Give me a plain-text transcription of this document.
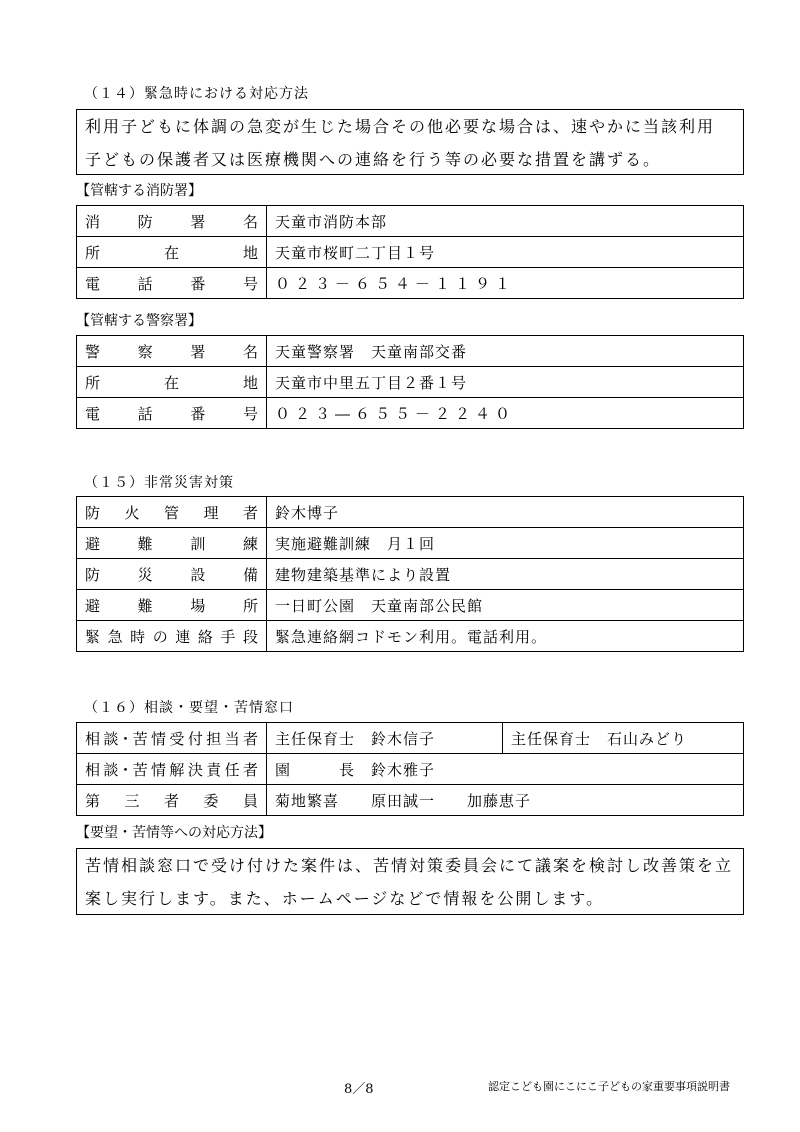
（１４）緊急時における対応方法
利用子どもに体調の急変が生じた場合その他必要な場合は、速やかに当該利用
子どもの保護者又は医療機関への連絡を行う等の必要な措置を講ずる。
【管轄する消防署】
消防署名	天童市消防本部
所在地	天童市桜町二丁目１号
電話番号	０２３－６５４－１１９１
【管轄する警察署】
警察署名	天童警察署　天童南部交番
所在地	天童市中里五丁目２番１号
電話番号	０２３―６５５－２２４０
（１５）非常災害対策
防火管理者	鈴木博子
避難訓練	実施避難訓練　月１回
防災設備	建物建築基準により設置
避難場所	一日町公園　天童南部公民館
緊急時の連絡手段	緊急連絡網コドモン利用。電話利用。
（１６）相談・要望・苦情窓口
相談･苦情受付担当者	主任保育士　鈴木信子	主任保育士　石山みどり
相談･苦情解決責任者	園　　　長　鈴木雅子	
第三者委員	菊地繁喜　　原田誠一　　加藤恵子	
【要望・苦情等への対応方法】
苦情相談窓口で受け付けた案件は、苦情対策委員会にて議案を検討し改善策を立
案し実行します。また、ホームページなどで情報を公開します。
8／8	認定こども園にこにこ子どもの家重要事項説明書
